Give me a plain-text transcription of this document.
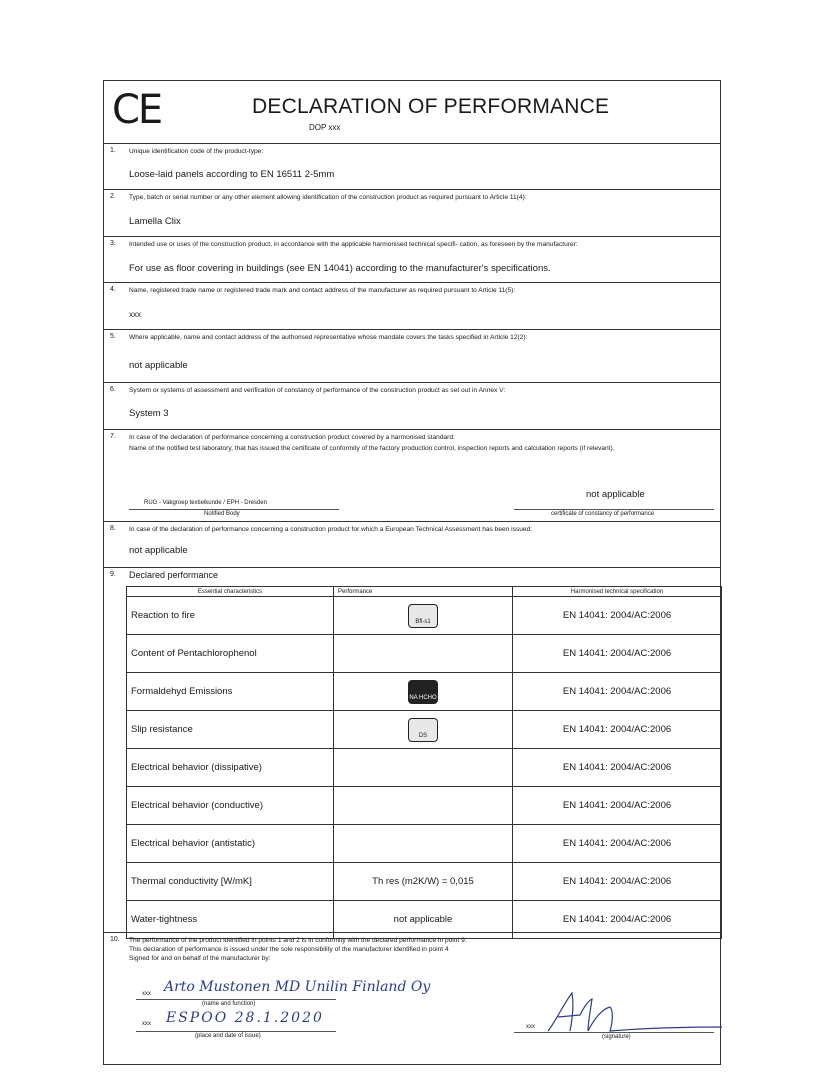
CE	DECLARATION OF PERFORMANCE
DOP xxx
1. Unique identification code of the product-type:
Loose-laid panels according to EN 16511 2-5mm
2. Type, batch or serial number or any other element allowing identification of the construction product as required pursuant to Article 11(4):
Lamella Clix
3. Intended use or uses of the construction product, in accordance with the applicable harmonised technical specifi- cation, as foreseen by the manufacturer:
For use as floor covering in buildings (see EN 14041) according to the manufacturer's specifications.
4. Name, registered trade name or registered trade mark and contact address of the manufacturer as required pursuant to Article 11(5):
xxx
5. Where applicable, name and contact address of the authorised representative whose mandate covers the tasks specified in Article 12(2):
not applicable
6. System or systems of assessment and verification of constancy of performance of the construction product as set out in Annex V:
System 3
7. In case of the declaration of performance concerning a construction product covered by a harmonised standard:
Name of the notified test laboratory, that has issued the certificate of conformity of the factory production control, inspection reports and calculation reports (if relevant).
RUG - Vakgroep textielkunde / EPH - Dresden
Notified Body
not applicable
certificate of constancy of performance
8. In case of the declaration of performance concerning a construction product for which a European Technical Assessment has been issued:
not applicable
9. Declared performance
Essential characteristics	Performance	Harmonised technical specification
Reaction to fire	Bfl-s1	EN 14041: 2004/AC:2006
Content of Pentachlorophenol		EN 14041: 2004/AC:2006
Formaldehyd Emissions	NA HCHO	EN 14041: 2004/AC:2006
Slip resistance	DS	EN 14041: 2004/AC:2006
Electrical behavior (dissipative)		EN 14041: 2004/AC:2006
Electrical behavior (conductive)		EN 14041: 2004/AC:2006
Electrical behavior (antistatic)		EN 14041: 2004/AC:2006
Thermal conductivity [W/mK]	Th res (m2K/W) = 0,015	EN 14041: 2004/AC:2006
Water-tightness	not applicable	EN 14041: 2004/AC:2006
10. The performance of the product identified in points 1 and 2 is in conformity with the declared performance in point 9.
This declaration of performance is issued under the sole responsibility of the manufacturer identified in point 4
Signed for and on behalf of the manufacturer by:
xxx Arto Mustonen MD Unilin Finland Oy
(name and function)
xxx ESPOO 28.1.2020
(place and date of issue)
xxx
(signature)
